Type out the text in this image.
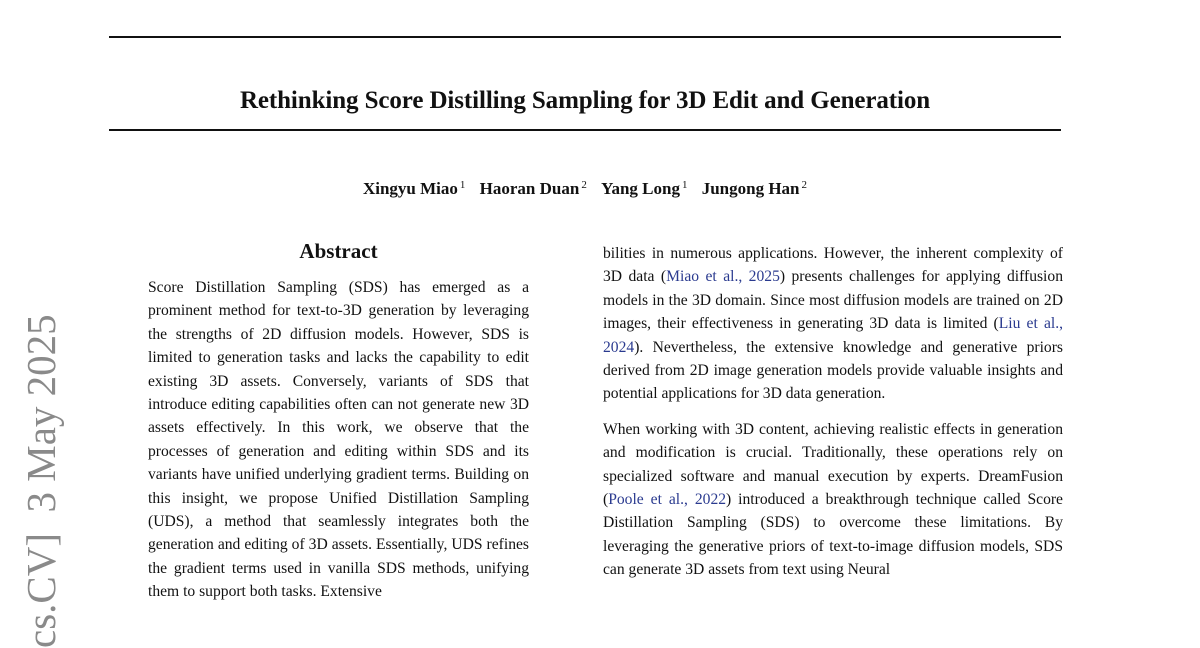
Rethinking Score Distilling Sampling for 3D Edit and Generation
Xingyu Miao $^1$ Haoran Duan $^2$ Yang Long $^1$ Jungong Han $^2$
cs.CV]  3 May 2025
Abstract
Score Distillation Sampling (SDS) has emerged as a prominent method for text-to-3D generation by leveraging the strengths of 2D diffusion models. However, SDS is limited to generation tasks and lacks the capability to edit existing 3D assets. Conversely, variants of SDS that introduce editing capabilities often can not generate new 3D assets effectively. In this work, we observe that the processes of generation and editing within SDS and its variants have unified underlying gradient terms. Building on this insight, we propose Unified Distillation Sampling (UDS), a method that seamlessly integrates both the generation and editing of 3D assets. Essentially, UDS refines the gradient terms used in vanilla SDS methods, unifying them to support both tasks. Extensive

bilities in numerous applications. However, the inherent complexity of 3D data (Miao et al., 2025) presents challenges for applying diffusion models in the 3D domain. Since most diffusion models are trained on 2D images, their effectiveness in generating 3D data is limited (Liu et al., 2024). Nevertheless, the extensive knowledge and generative priors derived from 2D image generation models provide valuable insights and potential applications for 3D data generation.

When working with 3D content, achieving realistic effects in generation and modification is crucial. Traditionally, these operations rely on specialized software and manual execution by experts. DreamFusion (Poole et al., 2022) introduced a breakthrough technique called Score Distillation Sampling (SDS) to overcome these limitations. By leveraging the generative priors of text-to-image diffusion models, SDS can generate 3D assets from text using Neural
